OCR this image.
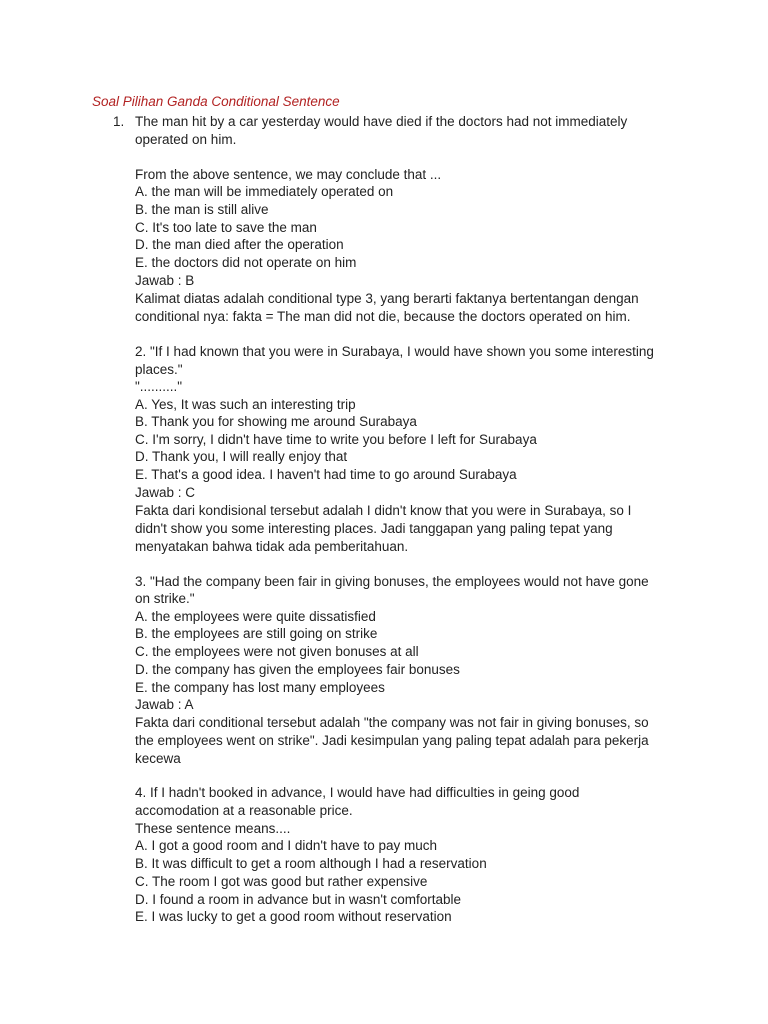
Soal Pilihan Ganda Conditional Sentence
1. The man hit by a car yesterday would have died if the doctors had not immediately
operated on him.
From the above sentence, we may conclude that ...
A. the man will be immediately operated on
B. the man is still alive
C. It's too late to save the man
D. the man died after the operation
E. the doctors did not operate on him
Jawab : B
Kalimat diatas adalah conditional type 3, yang berarti faktanya bertentangan dengan
conditional nya: fakta = The man did not die, because the doctors operated on him.
2. "If I had known that you were in Surabaya, I would have shown you some interesting
places."
".........."
A. Yes, It was such an interesting trip
B. Thank you for showing me around Surabaya
C. I'm sorry, I didn't have time to write you before I left for Surabaya
D. Thank you, I will really enjoy that
E. That's a good idea. I haven't had time to go around Surabaya
Jawab : C
Fakta dari kondisional tersebut adalah I didn't know that you were in Surabaya, so I
didn't show you some interesting places. Jadi tanggapan yang paling tepat yang
menyatakan bahwa tidak ada pemberitahuan.
3. "Had the company been fair in giving bonuses, the employees would not have gone
on strike."
A. the employees were quite dissatisfied
B. the employees are still going on strike
C. the employees were not given bonuses at all
D. the company has given the employees fair bonuses
E. the company has lost many employees
Jawab : A
Fakta dari conditional tersebut adalah "the company was not fair in giving bonuses, so
the employees went on strike". Jadi kesimpulan yang paling tepat adalah para pekerja
kecewa
4. If I hadn't booked in advance, I would have had difficulties in geing good
accomodation at a reasonable price.
These sentence means....
A. I got a good room and I didn't have to pay much
B. It was difficult to get a room although I had a reservation
C. The room I got was good but rather expensive
D. I found a room in advance but in wasn't comfortable
E. I was lucky to get a good room without reservation
